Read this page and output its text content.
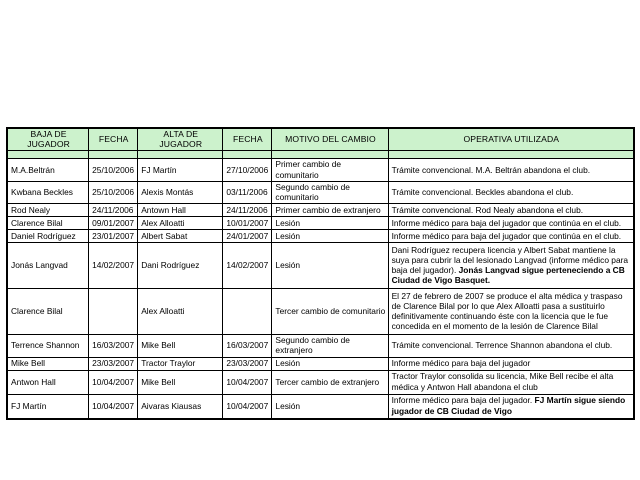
BAJA DE JUGADOR	FECHA	ALTA DE JUGADOR	FECHA	MOTIVO DEL CAMBIO	OPERATIVA UTILIZADA

M.A.Beltrán	25/10/2006	FJ Martín	27/10/2006	Primer cambio de comunitario	Trámite convencional. M.A. Beltrán abandona el club.
Kwbana Beckles	25/10/2006	Alexis Montás	03/11/2006	Segundo cambio de comunitario	Trámite convencional. Beckles abandona el club.
Rod Nealy	24/11/2006	Antown Hall	24/11/2006	Primer cambio de extranjero	Trámite convencional. Rod Nealy abandona el club.
Clarence Bilal	09/01/2007	Alex Alloatti	10/01/2007	Lesión	Informe médico para baja del jugador que continúa en el club.
Daniel Rodríguez	23/01/2007	Albert Sabat	24/01/2007	Lesión	Informe médico para baja del jugador que continúa en el club.
Jonás Langvad	14/02/2007	Dani Rodríguez	14/02/2007	Lesión	Dani Rodríguez recupera licencia y Albert Sabat mantiene la suya para cubrir la del lesionado Langvad (informe médico para baja del jugador). Jonás Langvad sigue perteneciendo a CB Ciudad de Vigo Basquet.
Clarence Bilal		Alex Alloatti		Tercer cambio de comunitario	El 27 de febrero de 2007 se produce el alta médica y traspaso de Clarence Bilal por lo que Alex Alloatti pasa a sustituirlo definitivamente continuando éste con la licencia que le fue concedida en el momento de la lesión de Clarence Bilal
Terrence Shannon	16/03/2007	Mike Bell	16/03/2007	Segundo cambio de extranjero	Trámite convencional. Terrence Shannon abandona el club.
Mike Bell	23/03/2007	Tractor Traylor	23/03/2007	Lesión	Informe médico para baja del jugador
Antwon Hall	10/04/2007	Mike Bell	10/04/2007	Tercer cambio de extranjero	Tractor Traylor consolida su licencia, Mike Bell recibe el alta médica y Antwon Hall abandona el club
FJ Martín	10/04/2007	Aivaras Kiausas	10/04/2007	Lesión	Informe médico para baja del jugador. FJ Martín sigue siendo jugador de CB Ciudad de Vigo
